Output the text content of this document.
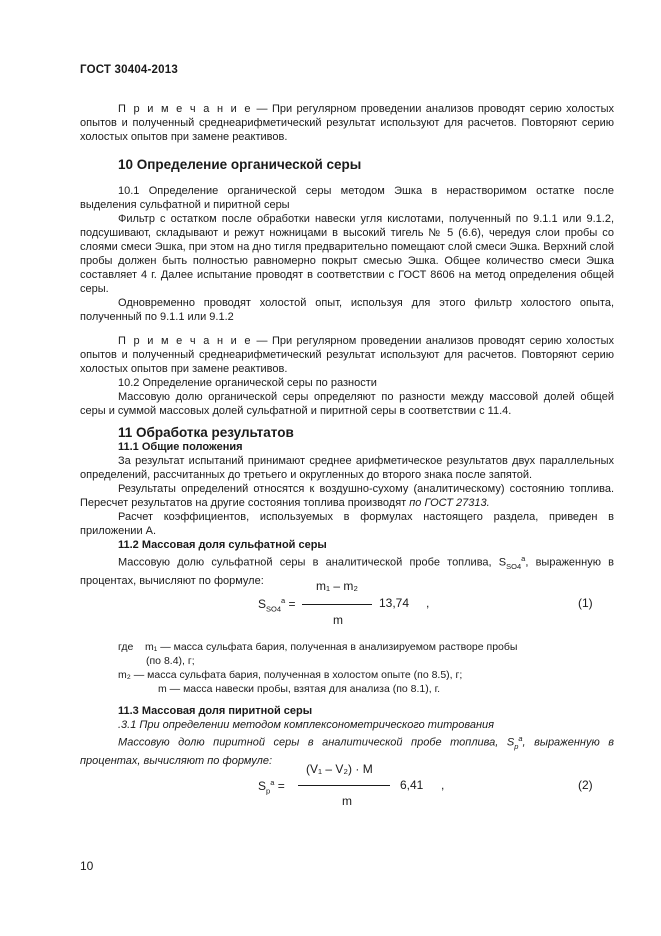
ГОСТ 30404-2013

П р и м е ч а н и е — При регулярном проведении анализов проводят серию холостых опытов и полученный среднеарифметический результат используют для расчетов. Повторяют серию холостых опытов при замене реактивов.

10 Определение органической серы

10.1 Определение органической серы методом Эшка в нерастворимом остатке после выделения сульфатной и пиритной серы

Фильтр с остатком после обработки навески угля кислотами, полученный по 9.1.1 или 9.1.2, подсушивают, складывают и режут ножницами в высокий тигель № 5 (6.6), чередуя слои пробы со слоями смеси Эшка, при этом на дно тигля предварительно помещают слой смеси Эшка. Верхний слой пробы должен быть полностью равномерно покрыт смесью Эшка. Общее количество смеси Эшка составляет 4 г. Далее испытание проводят в соответствии с ГОСТ 8606 на метод определения общей серы.

Одновременно проводят холостой опыт, используя для этого фильтр холостого опыта, полученный по 9.1.1 или 9.1.2

П р и м е ч а н и е — При регулярном проведении анализов проводят серию холостых опытов и полученный среднеарифметический результат используют для расчетов. Повторяют серию холостых опытов при замене реактивов.

10.2 Определение органической серы по разности

Массовую долю органической серы определяют по разности между массовой долей общей серы и суммой массовых долей сульфатной и пиритной серы в соответствии с 11.4.

11 Обработка результатов
11.1 Общие положения

За результат испытаний принимают среднее арифметическое результатов двух параллельных определений, рассчитанных до третьего и округленных до второго знака после запятой.

Результаты определений относятся к воздушно-сухому (аналитическому) состоянию топлива. Пересчет результатов на другие состояния топлива производят по ГОСТ 27313.

Расчет коэффициентов, используемых в формулах настоящего раздела, приведен в приложении А.

11.2 Массовая доля сульфатной серы

Массовую долю сульфатной серы в аналитической пробе топлива, $S_{SO4}^a$, выраженную в процентах, вычисляют по формуле:	m₁ – m₂
$S_{SO4}^a$ =	13,74 ,
m
(1)
где m₁ — масса сульфата бария, полученная в анализируемом растворе пробы
(по 8.4), г;
m₂ — масса сульфата бария, полученная в холостом опыте (по 8.5), г;
m — масса навески пробы, взятая для анализа (по 8.1), г.
11.3 Массовая доля пиритной серы

.3.1 При определении методом комплексонометрического титрования

Массовую долю пиритной серы в аналитической пробе топлива, $S_p^a$, выраженную в процентах, вычисляют по формуле:

(V₁ – V₂) · M
$S_p^a$ =	6,41 ,
m
(2)
10
